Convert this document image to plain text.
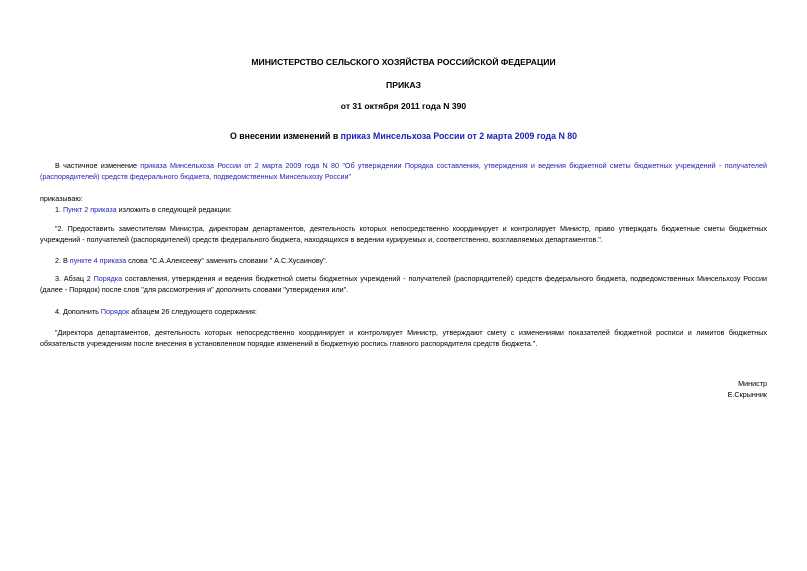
МИНИСТЕРСТВО СЕЛЬСКОГО ХОЗЯЙСТВА РОССИЙСКОЙ ФЕДЕРАЦИИ
ПРИКАЗ
от 31 октября 2011 года N 390
О внесении изменений в приказ Минсельхоза России от 2 марта 2009 года N 80
В частичное изменение приказа Минсельхоза России от 2 марта 2009 года N 80 "Об утверждении Порядка составления, утверждения и ведения бюджетной сметы бюджетных учреждений - получателей (распорядителей) средств федерального бюджета, подведомственных Минсельхозу России"
приказываю:
1. Пункт 2 приказа изложить в следующей редакции:
"2. Предоставить заместителям Министра, директорам департаментов, деятельность которых непосредственно координирует и контролирует Министр, право утверждать бюджетные сметы бюджетных учреждений - получателей (распорядителей) средств федерального бюджета, находящихся в ведении курируемых и, соответственно, возглавляемых департаментов.".
2. В пункте 4 приказа слова "С.А.Алексееву" заменить словами " А.С.Хусаинову".
3. Абзац 2 Порядка составления, утверждения и ведения бюджетной сметы бюджетных учреждений - получателей (распорядителей) средств федерального бюджета, подведомственных Минсельхозу России (далее - Порядок) после слов "для рассмотрения и" дополнить словами "утверждения или".
4. Дополнить Порядок абзацем 26 следующего содержания:
"Директора департаментов, деятельность которых непосредственно координирует и контролирует Министр, утверждают смету с изменениями показателей бюджетной росписи и лимитов бюджетных обязательств учреждениям после внесения в установленном порядке изменений в бюджетную роспись главного распорядителя средств бюджета.".
Министр
Е.Скрынник
